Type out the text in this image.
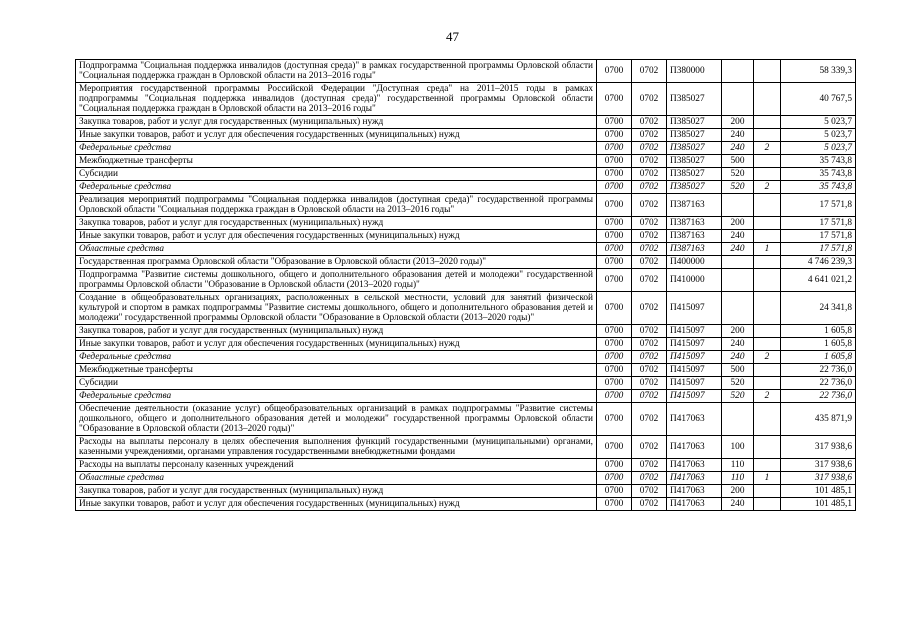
47
Подпрограмма "Социальная поддержка инвалидов (доступная среда)" в рамках государственной программы Орловской области "Социальная поддержка граждан в Орловской области на 2013–2016 годы"	0700	0702	П380000			58 339,3
Мероприятия государственной программы Российской Федерации "Доступная среда" на 2011–2015 годы в рамках подпрограммы "Социальная поддержка инвалидов (доступная среда)" государственной программы Орловской области "Социальная поддержка граждан в Орловской области на 2013–2016 годы"	0700	0702	П385027			40 767,5
Закупка товаров, работ и услуг для государственных (муниципальных) нужд	0700	0702	П385027	200		5 023,7
Иные закупки товаров, работ и услуг для обеспечения государственных (муниципальных) нужд	0700	0702	П385027	240		5 023,7
Федеральные средства	0700	0702	П385027	240	2	5 023,7
Межбюджетные трансферты	0700	0702	П385027	500		35 743,8
Субсидии	0700	0702	П385027	520		35 743,8
Федеральные средства	0700	0702	П385027	520	2	35 743,8
Реализация мероприятий подпрограммы "Социальная поддержка инвалидов (доступная среда)" государственной программы Орловской области "Социальная поддержка граждан в Орловской области на 2013–2016 годы"	0700	0702	П387163			17 571,8
Закупка товаров, работ и услуг для государственных (муниципальных) нужд	0700	0702	П387163	200		17 571,8
Иные закупки товаров, работ и услуг для обеспечения государственных (муниципальных) нужд	0700	0702	П387163	240		17 571,8
Областные средства	0700	0702	П387163	240	1	17 571,8
Государственная программа Орловской области "Образование в Орловской области (2013–2020 годы)"	0700	0702	П400000			4 746 239,3
Подпрограмма "Развитие системы дошкольного, общего и дополнительного образования детей и молодежи" государственной программы Орловской области "Образование в Орловской области (2013–2020 годы)"	0700	0702	П410000			4 641 021,2
Создание в общеобразовательных организациях, расположенных в сельской местности, условий для занятий физической культурой и спортом в рамках подпрограммы "Развитие системы дошкольного, общего и дополнительного образования детей и молодежи" государственной программы Орловской области "Образование в Орловской области (2013–2020 годы)"	0700	0702	П415097			24 341,8
Закупка товаров, работ и услуг для государственных (муниципальных) нужд	0700	0702	П415097	200		1 605,8
Иные закупки товаров, работ и услуг для обеспечения государственных (муниципальных) нужд	0700	0702	П415097	240		1 605,8
Федеральные средства	0700	0702	П415097	240	2	1 605,8
Межбюджетные трансферты	0700	0702	П415097	500		22 736,0
Субсидии	0700	0702	П415097	520		22 736,0
Федеральные средства	0700	0702	П415097	520	2	22 736,0
Обеспечение деятельности (оказание услуг) общеобразовательных организаций в рамках подпрограммы "Развитие системы дошкольного, общего и дополнительного образования детей и молодежи" государственной программы Орловской области "Образование в Орловской области (2013–2020 годы)"	0700	0702	П417063			435 871,9
Расходы на выплаты персоналу в целях обеспечения выполнения функций государственными (муниципальными) органами, казенными учреждениями, органами управления государственными внебюджетными фондами	0700	0702	П417063	100		317 938,6
Расходы на выплаты персоналу казенных учреждений	0700	0702	П417063	110		317 938,6
Областные средства	0700	0702	П417063	110	1	317 938,6
Закупка товаров, работ и услуг для государственных (муниципальных) нужд	0700	0702	П417063	200		101 485,1
Иные закупки товаров, работ и услуг для обеспечения государственных (муниципальных) нужд	0700	0702	П417063	240		101 485,1
